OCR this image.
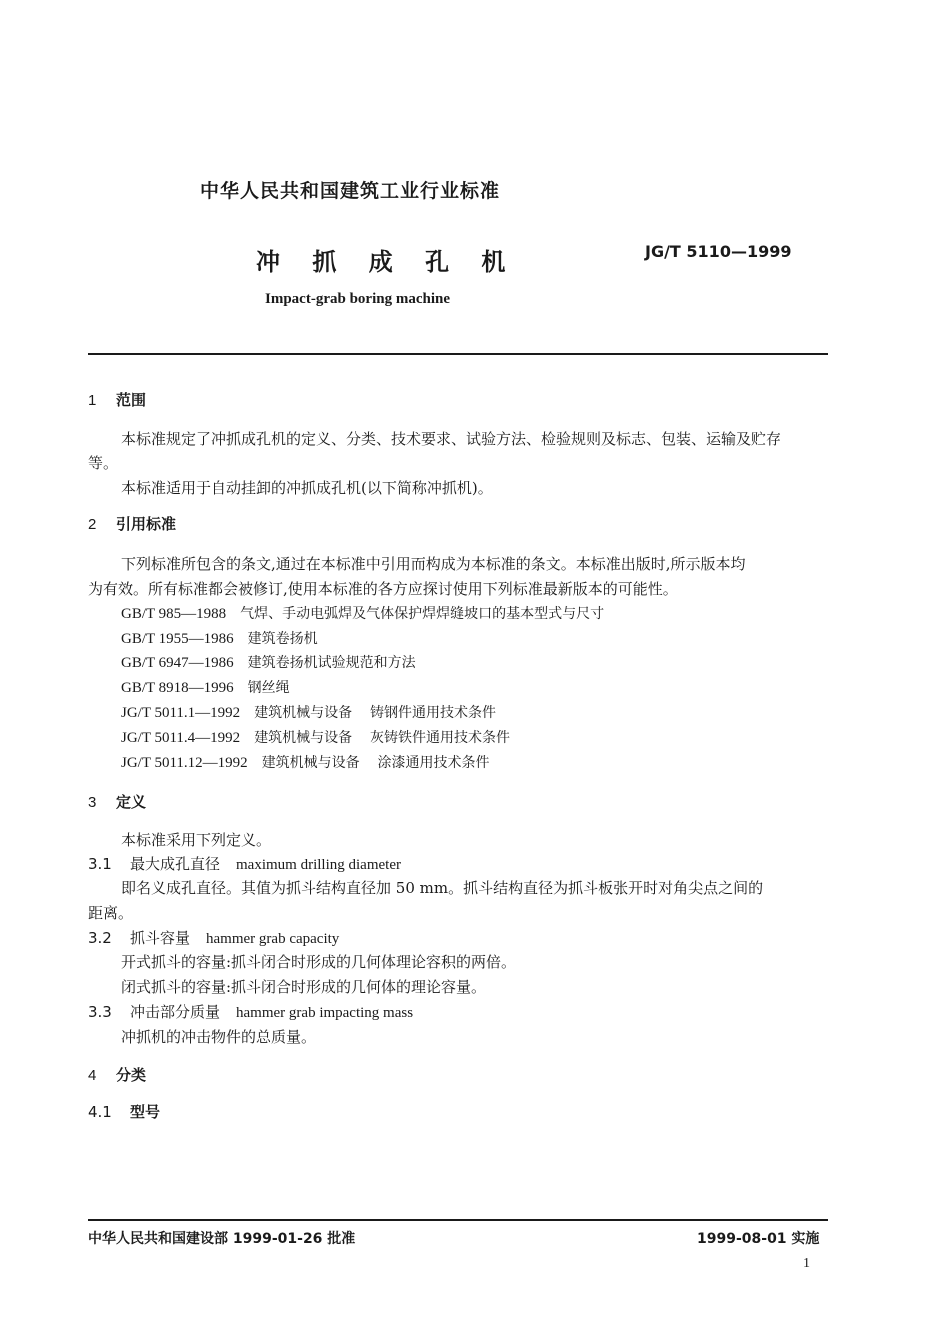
中华人民共和国建筑工业行业标准
冲 抓 成 孔 机	JG/T 5110—1999
Impact-grab boring machine
1 范围
本标准规定了冲抓成孔机的定义、分类、技术要求、试验方法、检验规则及标志、包装、运输及贮存
等。
本标准适用于自动挂卸的冲抓成孔机(以下简称冲抓机)。
2 引用标准
下列标准所包含的条文,通过在本标准中引用而构成为本标准的条文。本标准出版时,所示版本均
为有效。所有标准都会被修订,使用本标准的各方应探讨使用下列标准最新版本的可能性。
GB/T 985—1988 气焊、手动电弧焊及气体保护焊焊缝坡口的基本型式与尺寸
GB/T 1955—1986 建筑卷扬机
GB/T 6947—1986 建筑卷扬机试验规范和方法
GB/T 8918—1996 钢丝绳
JG/T 5011.1—1992 建筑机械与设备    铸钢件通用技术条件
JG/T 5011.4—1992 建筑机械与设备    灰铸铁件通用技术条件
JG/T 5011.12—1992 建筑机械与设备    涂漆通用技术条件
3 定义
本标准采用下列定义。
3.1 最大成孔直径 maximum drilling diameter
即名义成孔直径。其值为抓斗结构直径加 50 mm。抓斗结构直径为抓斗板张开时对角尖点之间的
距离。
3.2 抓斗容量 hammer grab capacity
开式抓斗的容量:抓斗闭合时形成的几何体理论容积的两倍。
闭式抓斗的容量:抓斗闭合时形成的几何体的理论容量。
3.3 冲击部分质量 hammer grab impacting mass
冲抓机的冲击物件的总质量。
4 分类
4.1 型号
中华人民共和国建设部 1999-01-26 批准	1999-08-01 实施
1
